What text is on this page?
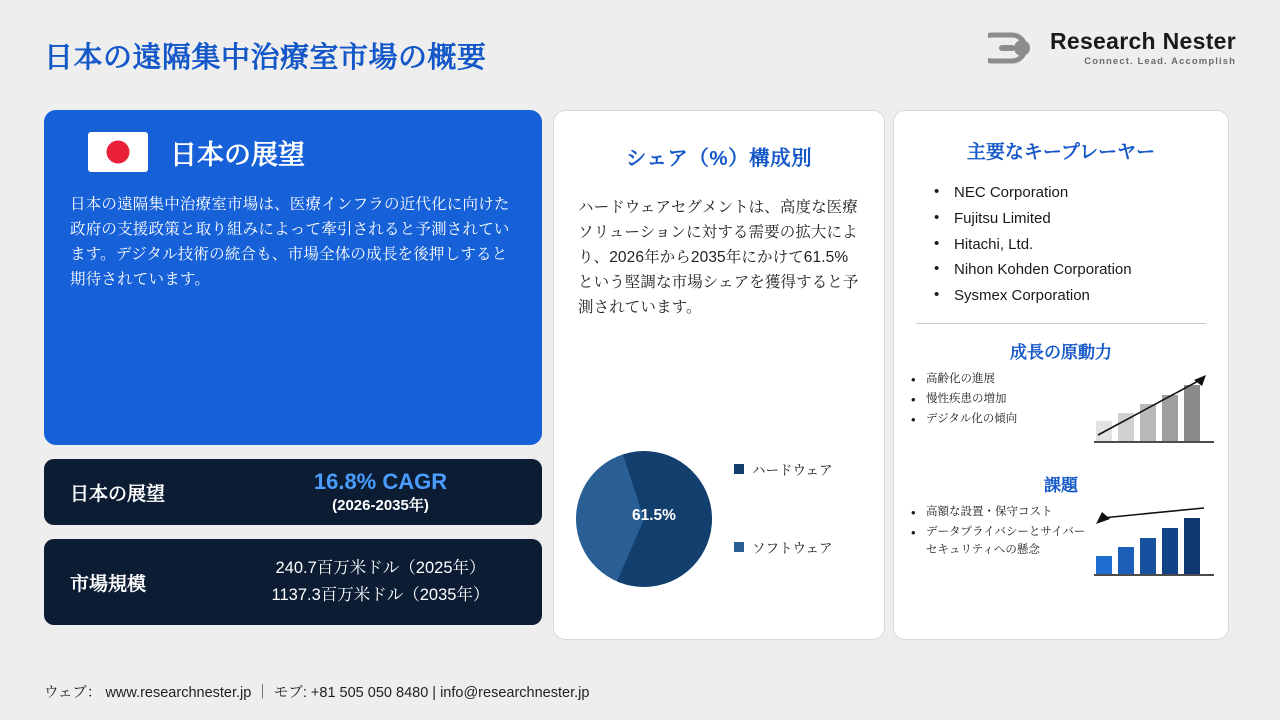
日本の遠隔集中治療室市場の概要
Research Nester
Connect. Lead. Accomplish
日本の展望
日本の遠隔集中治療室市場は、医療インフラの近代化に向けた政府の支援政策と取り組みによって牽引されると予測されています。デジタル技術の統合も、市場全体の成長を後押しすると期待されています。
日本の展望
16.8% CAGR
(2026-2035年)
市場規模
240.7百万米ドル（2025年）
1137.3百万米ドル（2035年）
シェア（%）構成別
ハードウェアセグメントは、高度な医療ソリューションに対する需要の拡大により、2026年から2035年にかけて61.5%という堅調な市場シェアを獲得すると予測されています。
61.5%
ハードウェア
ソフトウェア
主要なキープレーヤー
• NEC Corporation
• Fujitsu Limited
• Hitachi, Ltd.
• Nihon Kohden Corporation
• Sysmex Corporation
成長の原動力
• 高齢化の進展
• 慢性疾患の増加
• デジタル化の傾向
課題
• 高額な設置・保守コスト
• データプライバシーとサイバーセキュリティへの懸念
ウェブ： www.researchnester.jp ｜ モブ: +81 505 050 8480 | info@researchnester.jp
